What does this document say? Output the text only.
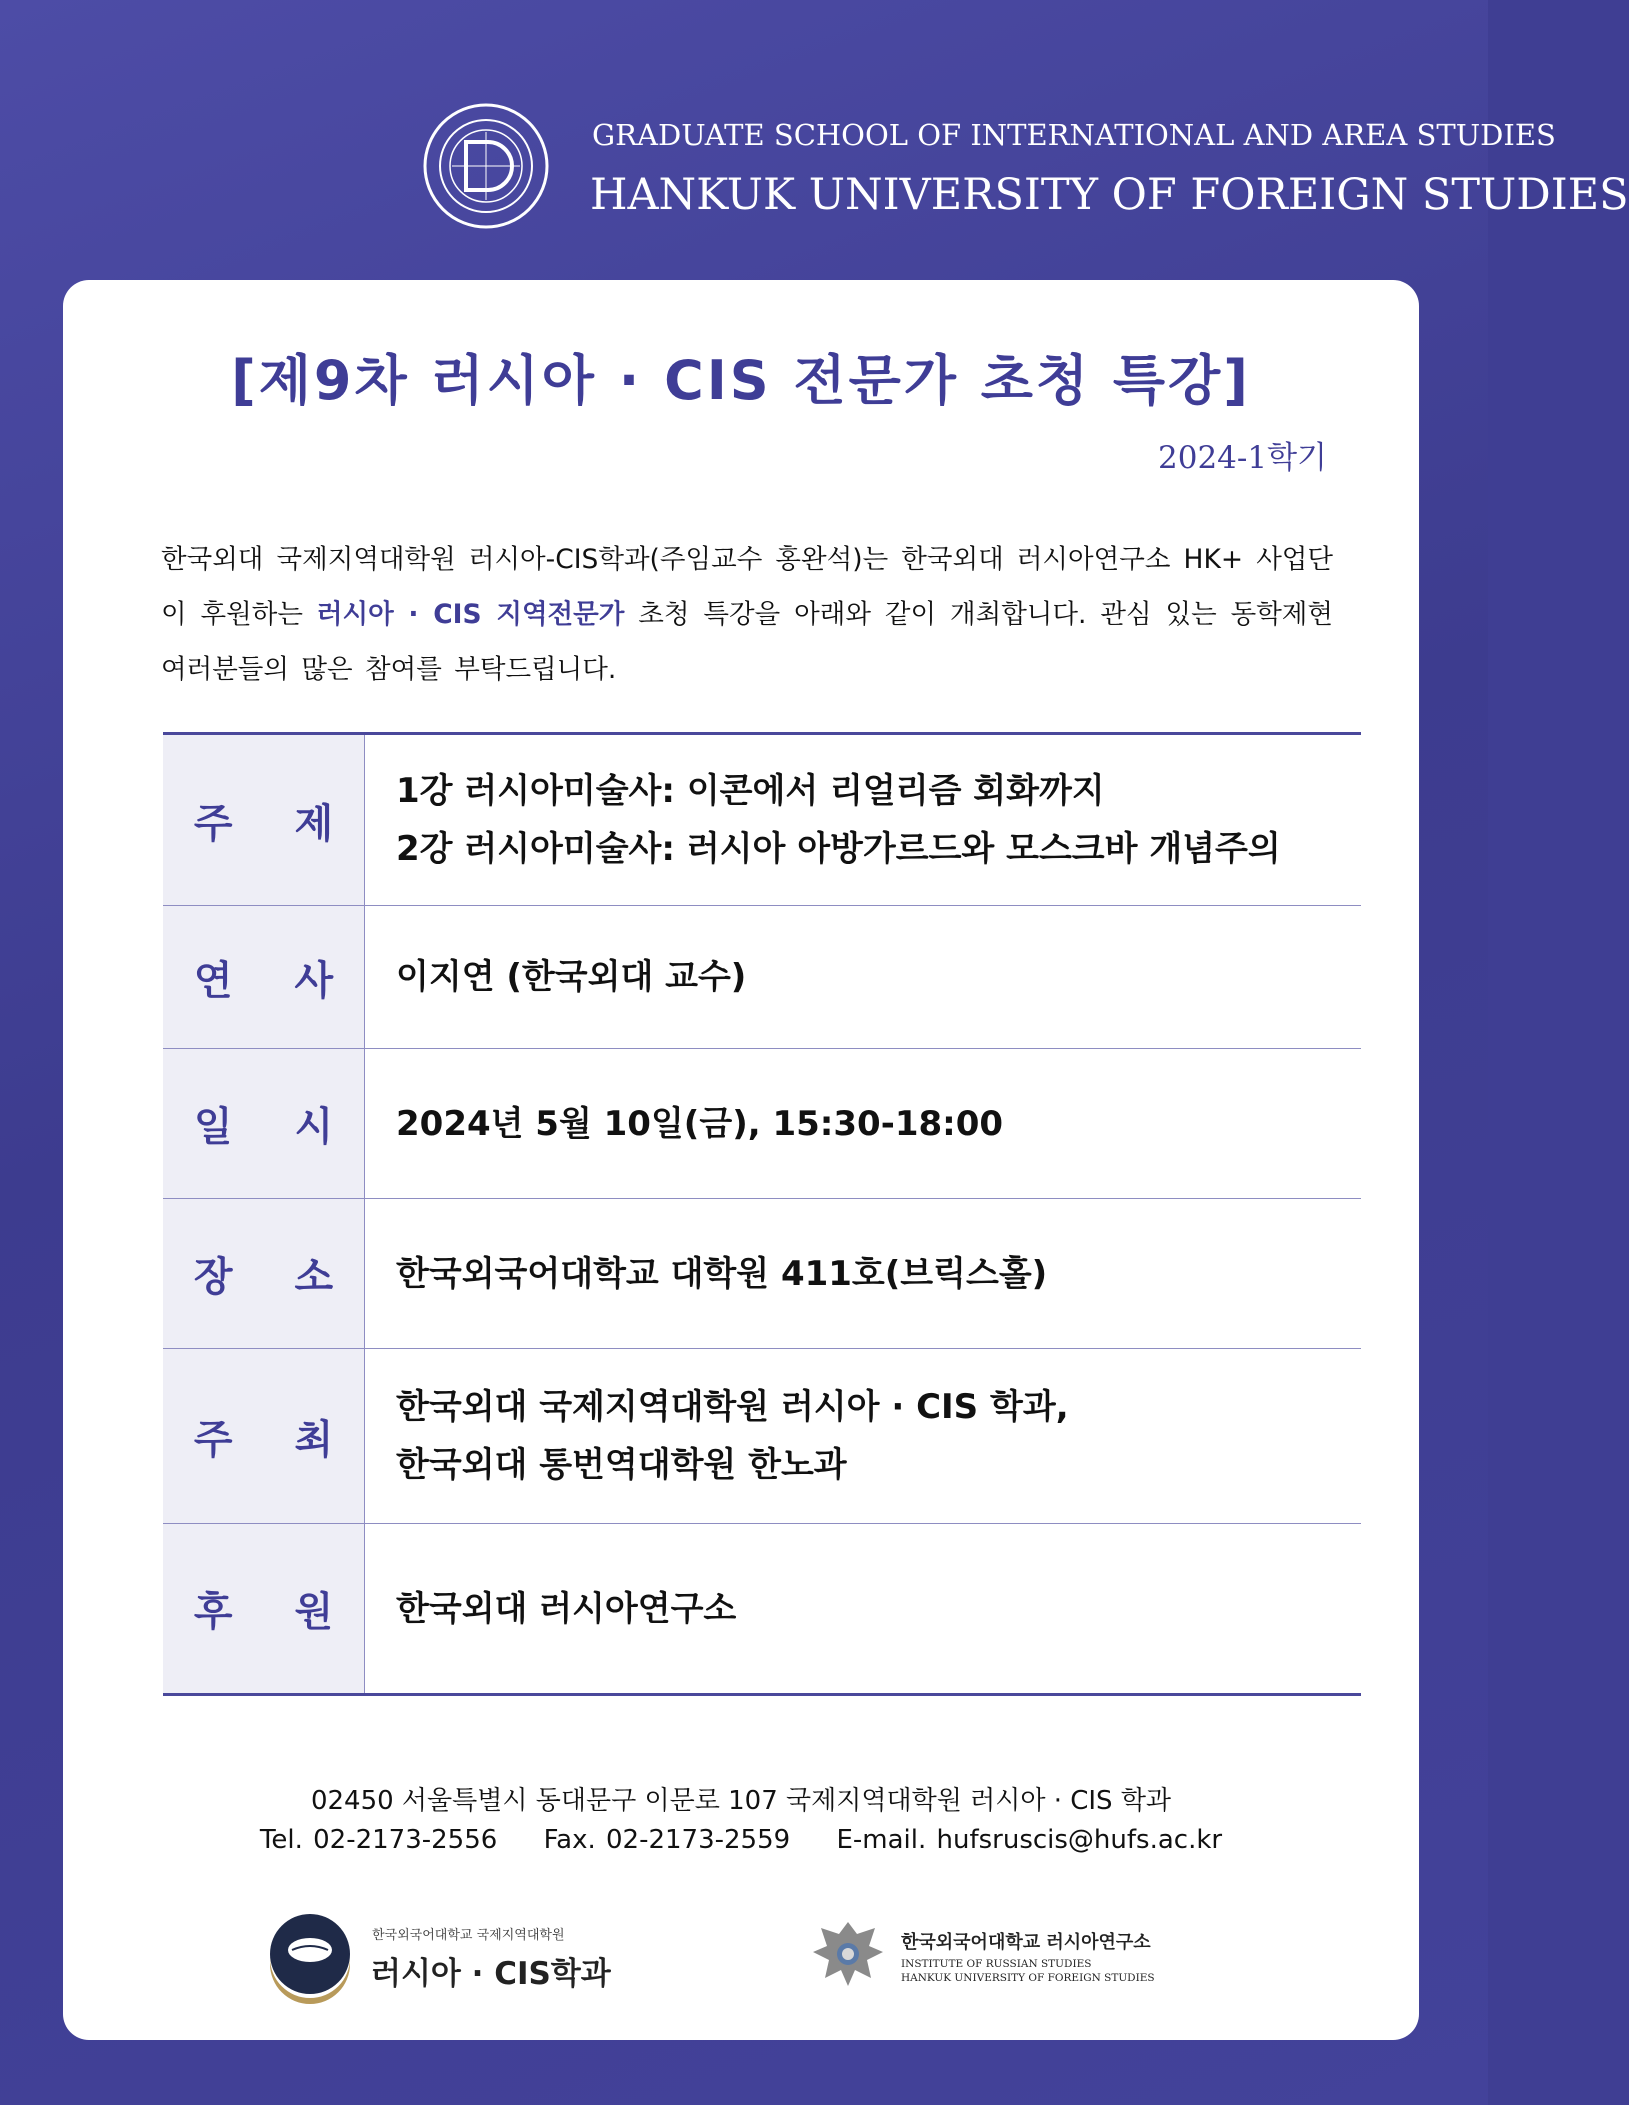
GRADUATE SCHOOL OF INTERNATIONAL AND AREA STUDIES
HANKUK UNIVERSITY OF FOREIGN STUDIES
[제9차 러시아 · CIS 전문가 초청 특강]
2024-1학기
한국외대 국제지역대학원 러시아-CIS학과(주임교수 홍완석)는 한국외대 러시아연구소 HK+ 사업단이 후원하는 러시아 · CIS 지역전문가 초청 특강을 아래와 같이 개최합니다. 관심 있는 동학제현 여러분들의 많은 참여를 부탁드립니다.
주 제
1강 러시아미술사: 이콘에서 리얼리즘 회화까지
2강 러시아미술사: 러시아 아방가르드와 모스크바 개념주의
연 사 이지연 (한국외대 교수)
일 시 2024년 5월 10일(금), 15:30-18:00
장 소 한국외국어대학교 대학원 411호(브릭스홀)
주 최
한국외대 국제지역대학원 러시아 · CIS 학과,
한국외대 통번역대학원 한노과
후 원 한국외대 러시아연구소
02450 서울특별시 동대문구 이문로 107 국제지역대학원 러시아 · CIS 학과
Tel. 02-2173-2556 Fax. 02-2173-2559 E-mail. hufsruscis@hufs.ac.kr
한국외국어대학교 국제지역대학원
러시아 · CIS학과
한국외국어대학교 러시아연구소
INSTITUTE OF RUSSIAN STUDIES
HANKUK UNIVERSITY OF FOREIGN STUDIES
